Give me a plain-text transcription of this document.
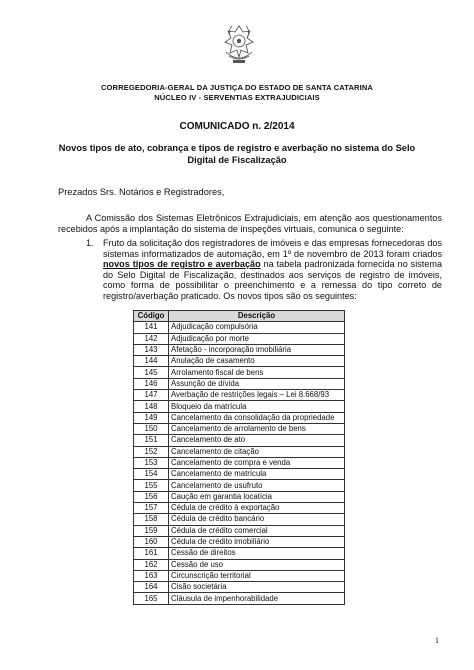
CORREGEDORIA-GERAL DA JUSTIÇA DO ESTADO DE SANTA CATARINA
NÚCLEO IV - SERVENTIAS EXTRAJUDICIAIS
COMUNICADO n. 2/2014
Novos tipos de ato, cobrança e tipos de registro e averbação no sistema do Selo Digital de Fiscalização
Prezados Srs. Notários e Registradores,
A Comissão dos Sistemas Eletrônicos Extrajudiciais, em atenção aos questionamentos recebidos após a implantação do sistema de inspeções virtuais, comunica o seguinte:
1. Fruto da solicitação dos registradores de imóveis e das empresas fornecedoras dos sistemas informatizados de automação, em 1º de novembro de 2013 foram criados novos tipos de registro e averbação na tabela padronizada fornecida no sistema do Selo Digital de Fiscalização, destinados aos serviços de registro de imóveis, como forma de possibilitar o preenchimento e a remessa do tipo correto de registro/averbação praticado. Os novos tipos são os seguintes:
Código	Descrição
141	Adjudicação compulsória
142	Adjudicação por morte
143	Afetação - incorporação imobiliária
144	Anulação de casamento
145	Arrolamento fiscal de bens
146	Assunção de dívida
147	Averbação de restrições legais – Lei 8.668/93
148	Bloqueio da matrícula
149	Cancelamento da consolidação da propriedade
150	Cancelamento de arrolamento de bens
151	Cancelamento de ato
152	Cancelamento de citação
153	Cancelamento de compra e venda
154	Cancelamento de matrícula
155	Cancelamento de usufruto
156	Caução em garantia locatícia
157	Cédula de crédito à exportação
158	Cédula de crédito bancário
159	Cédula de crédito comercial
160	Cédula de crédito imobiliário
161	Cessão de direitos
162	Cessão de uso
163	Circunscrição territorial
164	Cisão societária
165	Cláusula de impenhorabilidade
1
